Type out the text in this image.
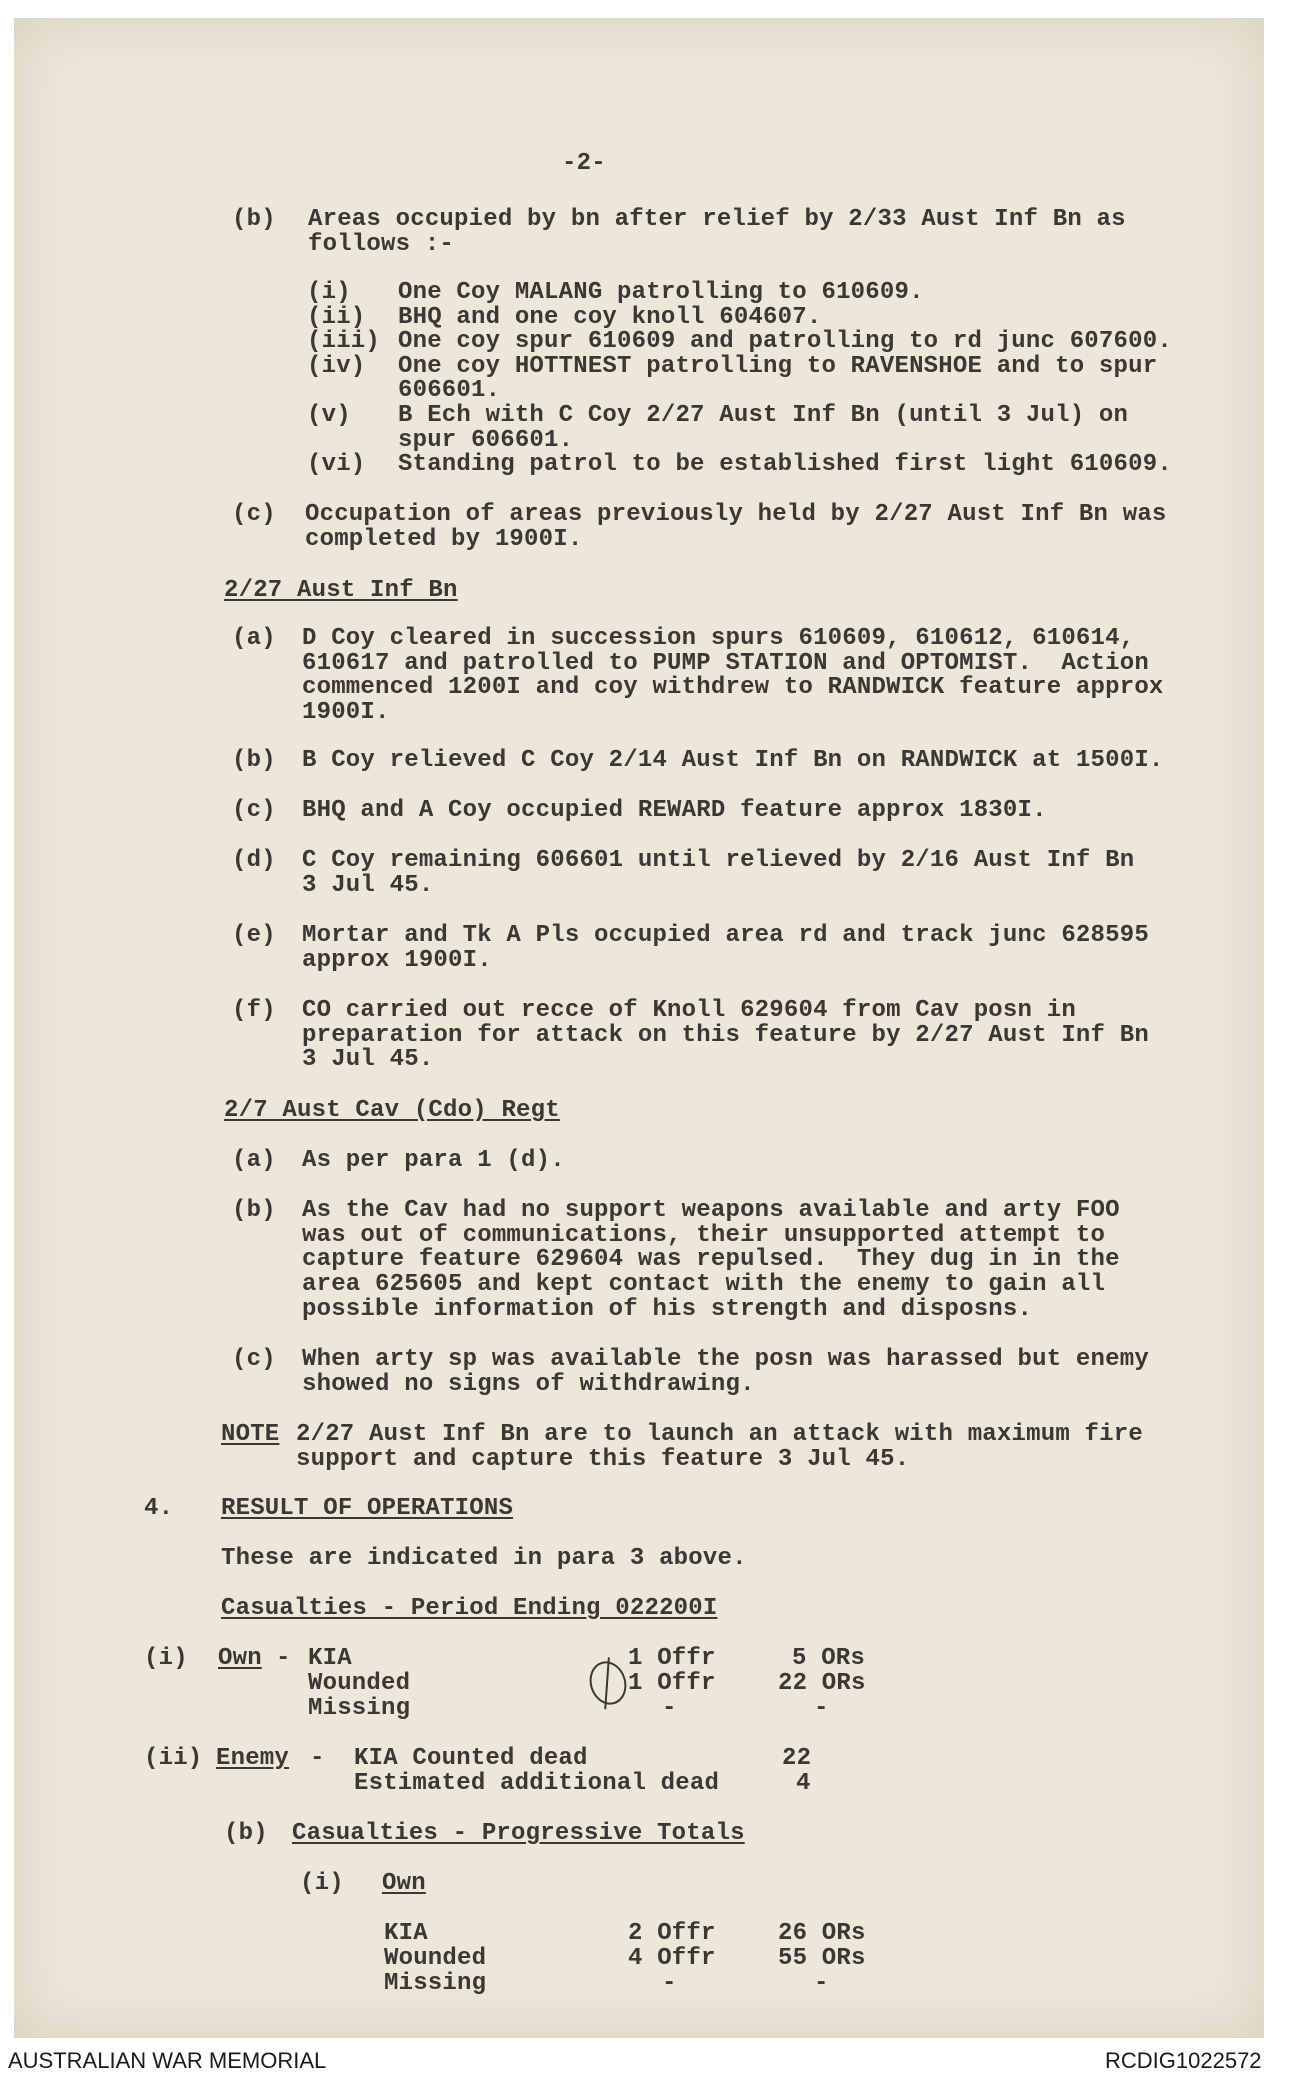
-2-
(b) Areas occupied by bn after relief by 2/33 Aust Inf Bn as
follows :-
(i) One Coy MALANG patrolling to 610609.
(ii) BHQ and one coy knoll 604607.
(iii) One coy spur 610609 and patrolling to rd junc 607600.
(iv) One coy HOTTNEST patrolling to RAVENSHOE and to spur
606601.
(v) B Ech with C Coy 2/27 Aust Inf Bn (until 3 Jul) on
spur 606601.
(vi) Standing patrol to be established first light 610609.
(c) Occupation of areas previously held by 2/27 Aust Inf Bn was
completed by 1900I.
2/27 Aust Inf Bn
(a) D Coy cleared in succession spurs 610609, 610612, 610614,
610617 and patrolled to PUMP STATION and OPTOMIST.  Action
commenced 1200I and coy withdrew to RANDWICK feature approx
1900I.
(b) B Coy relieved C Coy 2/14 Aust Inf Bn on RANDWICK at 1500I.
(c) BHQ and A Coy occupied REWARD feature approx 1830I.
(d) C Coy remaining 606601 until relieved by 2/16 Aust Inf Bn
3 Jul 45.
(e) Mortar and Tk A Pls occupied area rd and track junc 628595
approx 1900I.
(f) CO carried out recce of Knoll 629604 from Cav posn in
preparation for attack on this feature by 2/27 Aust Inf Bn
3 Jul 45.
2/7 Aust Cav (Cdo) Regt
(a) As per para 1 (d).
(b) As the Cav had no support weapons available and arty FOO
was out of communications, their unsupported attempt to
capture feature 629604 was repulsed.  They dug in in the
area 625605 and kept contact with the enemy to gain all
possible information of his strength and disposns.
(c) When arty sp was available the posn was harassed but enemy
showed no signs of withdrawing.
NOTE 2/27 Aust Inf Bn are to launch an attack with maximum fire
support and capture this feature 3 Jul 45.
4. RESULT OF OPERATIONS
These are indicated in para 3 above.
Casualties - Period Ending 022200I
(i) Own - KIA	1 Offr	5 ORs
Wounded	1 Offr	22 ORs
Missing	-	-
(ii) Enemy - KIA Counted dead	22
Estimated additional dead	4
(b) Casualties - Progressive Totals
(i) Own
KIA	2 Offr	26 ORs
Wounded	4 Offr	55 ORs
Missing	-	-
AUSTRALIAN WAR MEMORIAL	RCDIG1022572
